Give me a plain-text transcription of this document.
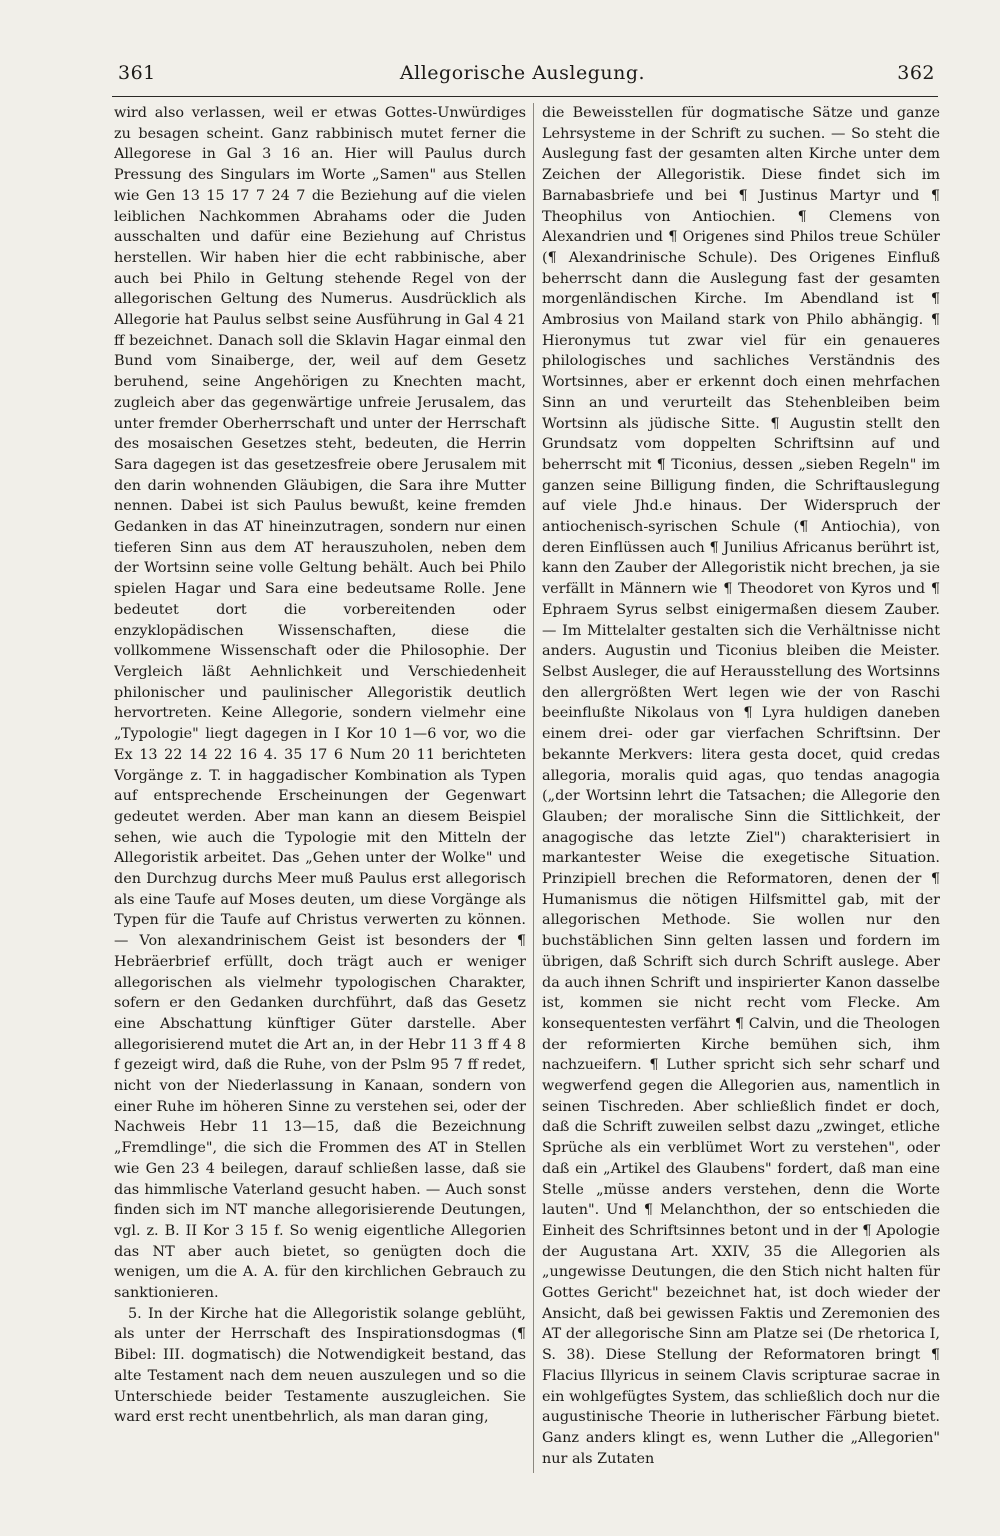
361	Allegorische Auslegung.	362

wird also verlassen, weil er etwas Gottes-Unwürdiges zu besagen scheint. Ganz rabbinisch mutet ferner die Allegorese in Gal 3 16 an. Hier will Paulus durch Pressung des Singulars im Worte „Samen" aus Stellen wie Gen 13 15 17 7 24 7 die Beziehung auf die vielen leiblichen Nachkommen Abrahams oder die Juden ausschalten und dafür eine Beziehung auf Christus herstellen. Wir haben hier die echt rabbinische, aber auch bei Philo in Geltung stehende Regel von der allegorischen Geltung des Numerus. Ausdrücklich als Allegorie hat Paulus selbst seine Ausführung in Gal 4 21 ff bezeichnet. Danach soll die Sklavin Hagar einmal den Bund vom Sinaiberge, der, weil auf dem Gesetz beruhend, seine Angehörigen zu Knechten macht, zugleich aber das gegenwärtige unfreie Jerusalem, das unter fremder Oberherrschaft und unter der Herrschaft des mosaischen Gesetzes steht, bedeuten, die Herrin Sara dagegen ist das gesetzesfreie obere Jerusalem mit den darin wohnenden Gläubigen, die Sara ihre Mutter nennen. Dabei ist sich Paulus bewußt, keine fremden Gedanken in das AT hineinzutragen, sondern nur einen tieferen Sinn aus dem AT herauszuholen, neben dem der Wortsinn seine volle Geltung behält. Auch bei Philo spielen Hagar und Sara eine bedeutsame Rolle. Jene bedeutet dort die vorbereitenden oder enzyklopädischen Wissenschaften, diese die vollkommene Wissenschaft oder die Philosophie. Der Vergleich läßt Aehnlichkeit und Verschiedenheit philonischer und paulinischer Allegoristik deutlich hervortreten. Keine Allegorie, sondern vielmehr eine „Typologie" liegt dagegen in I Kor 10 1—6 vor, wo die Ex 13 22 14 22 16 4. 35 17 6 Num 20 11 berichteten Vorgänge z. T. in haggadischer Kombination als Typen auf entsprechende Erscheinungen der Gegenwart gedeutet werden. Aber man kann an diesem Beispiel sehen, wie auch die Typologie mit den Mitteln der Allegoristik arbeitet. Das „Gehen unter der Wolke" und den Durchzug durchs Meer muß Paulus erst allegorisch als eine Taufe auf Moses deuten, um diese Vorgänge als Typen für die Taufe auf Christus verwerten zu können. — Von alexandrinischem Geist ist besonders der ¶ Hebräerbrief erfüllt, doch trägt auch er weniger allegorischen als vielmehr typologischen Charakter, sofern er den Gedanken durchführt, daß das Gesetz eine Abschattung künftiger Güter darstelle. Aber allegorisierend mutet die Art an, in der Hebr 11 3 ff 4 8 f gezeigt wird, daß die Ruhe, von der Pslm 95 7 ff redet, nicht von der Niederlassung in Kanaan, sondern von einer Ruhe im höheren Sinne zu verstehen sei, oder der Nachweis Hebr 11 13—15, daß die Bezeichnung „Fremdlinge", die sich die Frommen des AT in Stellen wie Gen 23 4 beilegen, darauf schließen lasse, daß sie das himmlische Vaterland gesucht haben. — Auch sonst finden sich im NT manche allegorisierende Deutungen, vgl. z. B. II Kor 3 15 f. So wenig eigentliche Allegorien das NT aber auch bietet, so genügten doch die wenigen, um die A. A. für den kirchlichen Gebrauch zu sanktionieren.

5. In der Kirche hat die Allegoristik solange geblüht, als unter der Herrschaft des Inspirationsdogmas (¶ Bibel: III. dogmatisch) die Notwendigkeit bestand, das alte Testament nach dem neuen auszulegen und so die Unterschiede beider Testamente auszugleichen. Sie ward erst recht unentbehrlich, als man daran ging,

die Beweisstellen für dogmatische Sätze und ganze Lehrsysteme in der Schrift zu suchen. — So steht die Auslegung fast der gesamten alten Kirche unter dem Zeichen der Allegoristik. Diese findet sich im Barnabasbriefe und bei ¶ Justinus Martyr und ¶ Theophilus von Antiochien. ¶ Clemens von Alexandrien und ¶ Origenes sind Philos treue Schüler (¶ Alexandrinische Schule). Des Origenes Einfluß beherrscht dann die Auslegung fast der gesamten morgenländischen Kirche. Im Abendland ist ¶ Ambrosius von Mailand stark von Philo abhängig. ¶ Hieronymus tut zwar viel für ein genaueres philologisches und sachliches Verständnis des Wortsinnes, aber er erkennt doch einen mehrfachen Sinn an und verurteilt das Stehenbleiben beim Wortsinn als jüdische Sitte. ¶ Augustin stellt den Grundsatz vom doppelten Schriftsinn auf und beherrscht mit ¶ Ticonius, dessen „sieben Regeln" im ganzen seine Billigung finden, die Schriftauslegung auf viele Jhd.e hinaus. Der Widerspruch der antiochenisch-syrischen Schule (¶ Antiochia), von deren Einflüssen auch ¶ Junilius Africanus berührt ist, kann den Zauber der Allegoristik nicht brechen, ja sie verfällt in Männern wie ¶ Theodoret von Kyros und ¶ Ephraem Syrus selbst einigermaßen diesem Zauber. — Im Mittelalter gestalten sich die Verhältnisse nicht anders. Augustin und Ticonius bleiben die Meister. Selbst Ausleger, die auf Herausstellung des Wortsinns den allergrößten Wert legen wie der von Raschi beeinflußte Nikolaus von ¶ Lyra huldigen daneben einem drei- oder gar vierfachen Schriftsinn. Der bekannte Merkvers: litera gesta docet, quid credas allegoria, moralis quid agas, quo tendas anagogia („der Wortsinn lehrt die Tatsachen; die Allegorie den Glauben; der moralische Sinn die Sittlichkeit, der anagogische das letzte Ziel") charakterisiert in markantester Weise die exegetische Situation. Prinzipiell brechen die Reformatoren, denen der ¶ Humanismus die nötigen Hilfsmittel gab, mit der allegorischen Methode. Sie wollen nur den buchstäblichen Sinn gelten lassen und fordern im übrigen, daß Schrift sich durch Schrift auslege. Aber da auch ihnen Schrift und inspirierter Kanon dasselbe ist, kommen sie nicht recht vom Flecke. Am konsequentesten verfährt ¶ Calvin, und die Theologen der reformierten Kirche bemühen sich, ihm nachzueifern. ¶ Luther spricht sich sehr scharf und wegwerfend gegen die Allegorien aus, namentlich in seinen Tischreden. Aber schließlich findet er doch, daß die Schrift zuweilen selbst dazu „zwinget, etliche Sprüche als ein verblümet Wort zu verstehen", oder daß ein „Artikel des Glaubens" fordert, daß man eine Stelle „müsse anders verstehen, denn die Worte lauten". Und ¶ Melanchthon, der so entschieden die Einheit des Schriftsinnes betont und in der ¶ Apologie der Augustana Art. XXIV, 35 die Allegorien als „ungewisse Deutungen, die den Stich nicht halten für Gottes Gericht" bezeichnet hat, ist doch wieder der Ansicht, daß bei gewissen Faktis und Zeremonien des AT der allegorische Sinn am Platze sei (De rhetorica I, S. 38). Diese Stellung der Reformatoren bringt ¶ Flacius Illyricus in seinem Clavis scripturae sacrae in ein wohlgefügtes System, das schließlich doch nur die augustinische Theorie in lutherischer Färbung bietet. Ganz anders klingt es, wenn Luther die „Allegorien" nur als Zutaten
